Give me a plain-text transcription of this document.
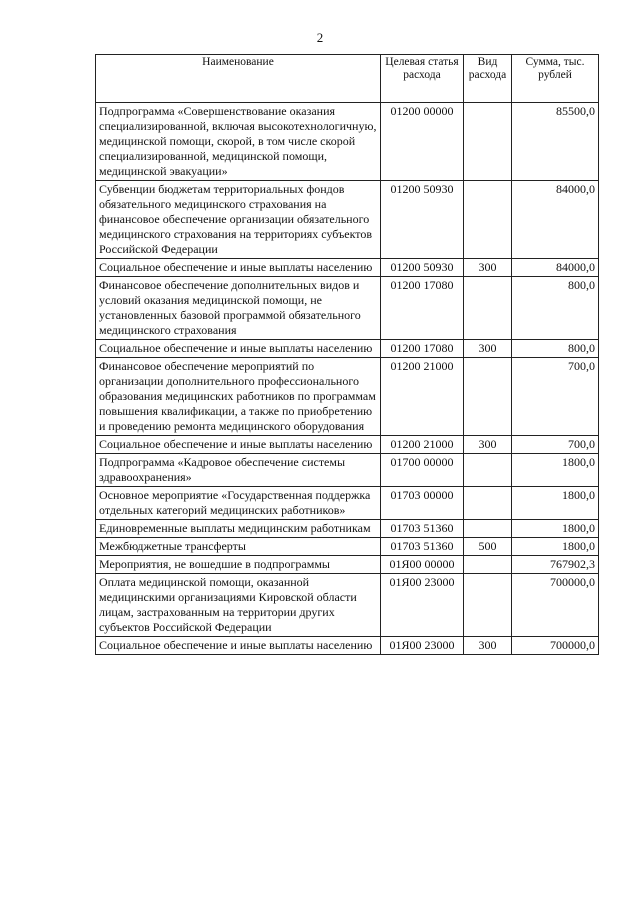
2
Наименование	Целевая статья расхода	Вид расхода	Сумма, тыс. рублей
Подпрограмма «Совершенствование оказания специализированной, включая высокотехнологичную, медицинской помощи, скорой, в том числе скорой специализированной, медицинской помощи, медицинской эвакуации»	01200 00000		85500,0
Субвенции бюджетам территориальных фондов обязательного медицинского страхования на финансовое обеспечение организации обязательного медицинского страхования на территориях субъектов Российской Федерации	01200 50930		84000,0
Социальное обеспечение и иные выплаты населению	01200 50930	300	84000,0
Финансовое обеспечение дополнительных видов и условий оказания медицинской помощи, не установленных базовой программой обязательного медицинского страхования	01200 17080		800,0
Социальное обеспечение и иные выплаты населению	01200 17080	300	800,0
Финансовое обеспечение мероприятий по организации дополнительного профессионального образования медицинских работников по программам повышения квалификации, а также по приобретению и проведению ремонта медицинского оборудования	01200 21000		700,0
Социальное обеспечение и иные выплаты населению	01200 21000	300	700,0
Подпрограмма «Кадровое обеспечение системы здравоохранения»	01700 00000		1800,0
Основное мероприятие «Государственная поддержка отдельных категорий медицинских работников»	01703 00000		1800,0
Единовременные выплаты медицинским работникам	01703 51360		1800,0
Межбюджетные трансферты	01703 51360	500	1800,0
Мероприятия, не вошедшие в подпрограммы	01Я00 00000		767902,3
Оплата медицинской помощи, оказанной медицинскими организациями Кировской области лицам, застрахованным на территории других субъектов Российской Федерации	01Я00 23000		700000,0
Социальное обеспечение и иные выплаты населению	01Я00 23000	300	700000,0
